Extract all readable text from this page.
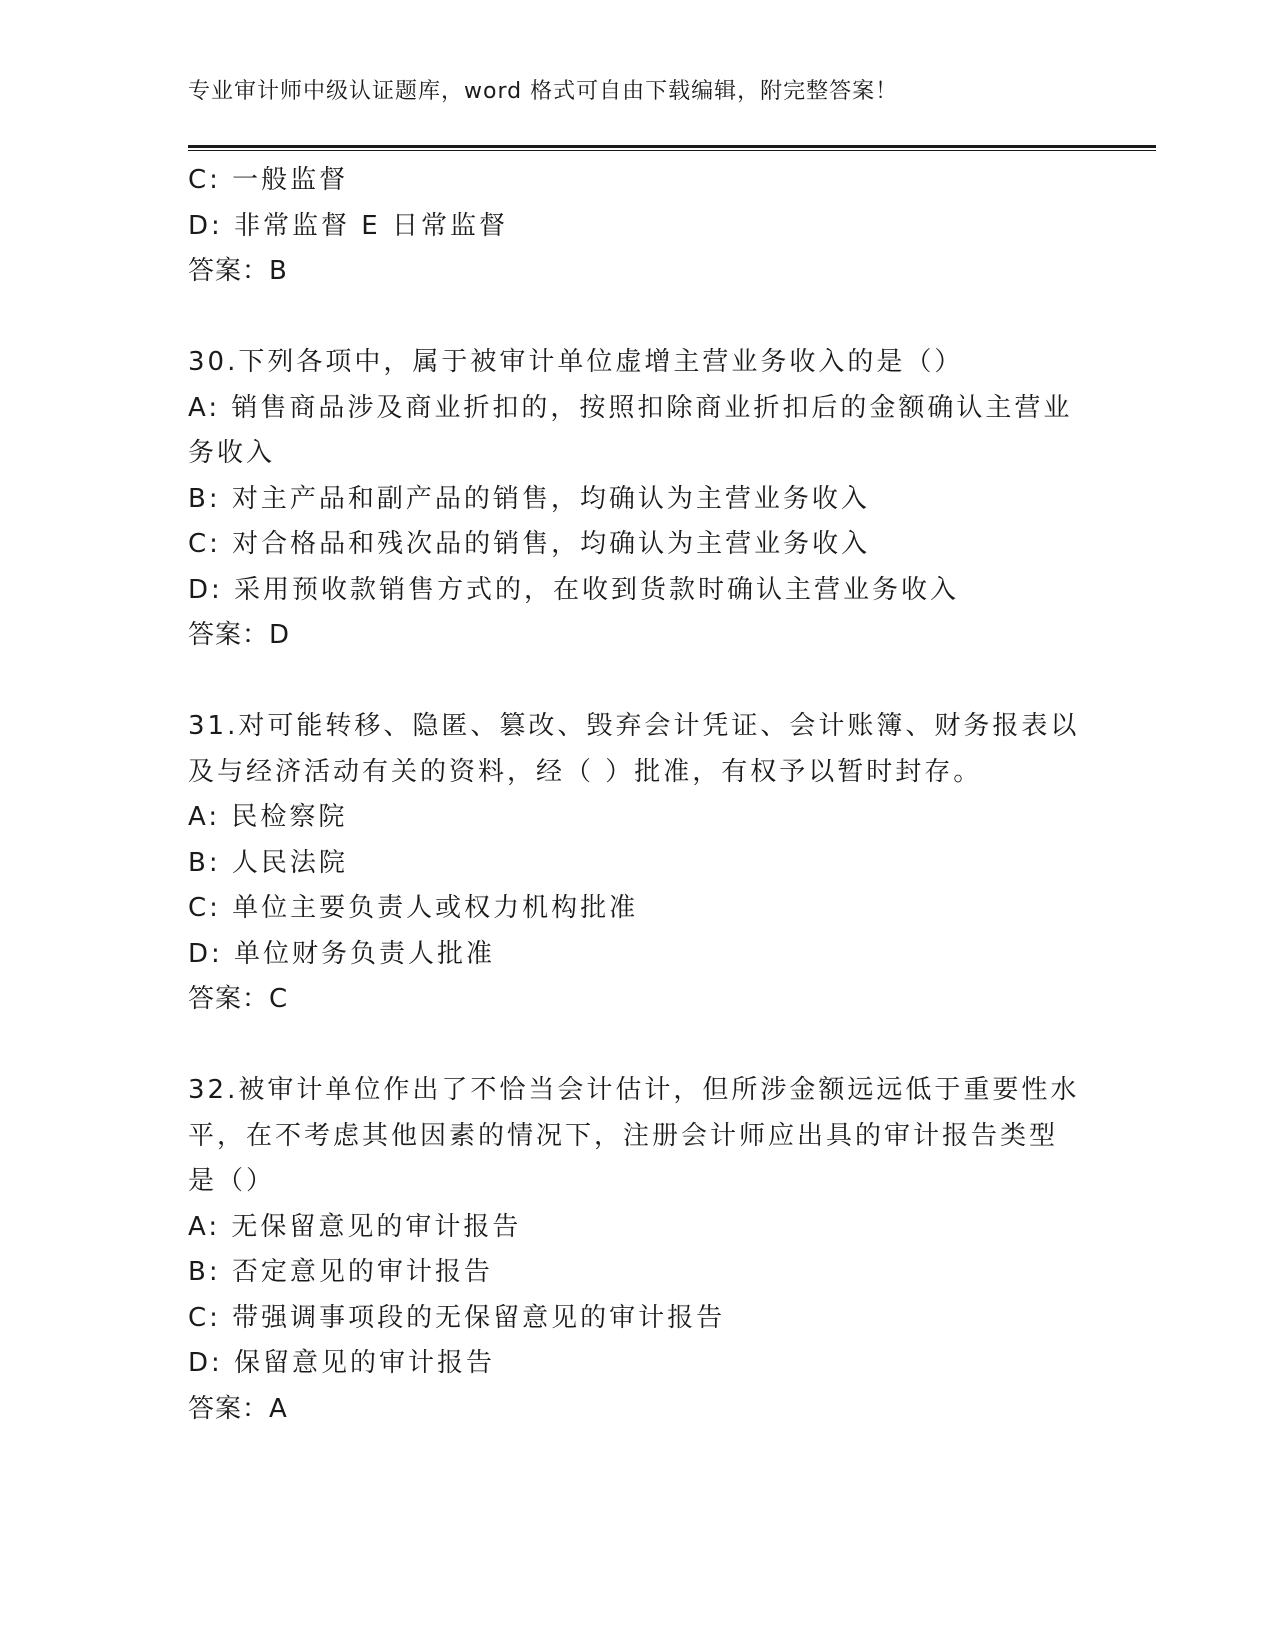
专业审计师中级认证题库，word 格式可自由下载编辑，附完整答案！
C: 一般监督
D: 非常监督 E 日常监督
答案：B
30.下列各项中，属于被审计单位虚增主营业务收入的是（）
A: 销售商品涉及商业折扣的，按照扣除商业折扣后的金额确认主营业
务收入
B: 对主产品和副产品的销售，均确认为主营业务收入
C: 对合格品和残次品的销售，均确认为主营业务收入
D: 采用预收款销售方式的，在收到货款时确认主营业务收入
答案：D
31.对可能转移、隐匿、篡改、毁弃会计凭证、会计账簿、财务报表以
及与经济活动有关的资料，经（ ）批准，有权予以暂时封存。
A: 民检察院
B: 人民法院
C: 单位主要负责人或权力机构批准
D: 单位财务负责人批准
答案：C
32.被审计单位作出了不恰当会计估计，但所涉金额远远低于重要性水
平，在不考虑其他因素的情况下，注册会计师应出具的审计报告类型
是（）
A: 无保留意见的审计报告
B: 否定意见的审计报告
C: 带强调事项段的无保留意见的审计报告
D: 保留意见的审计报告
答案：A
